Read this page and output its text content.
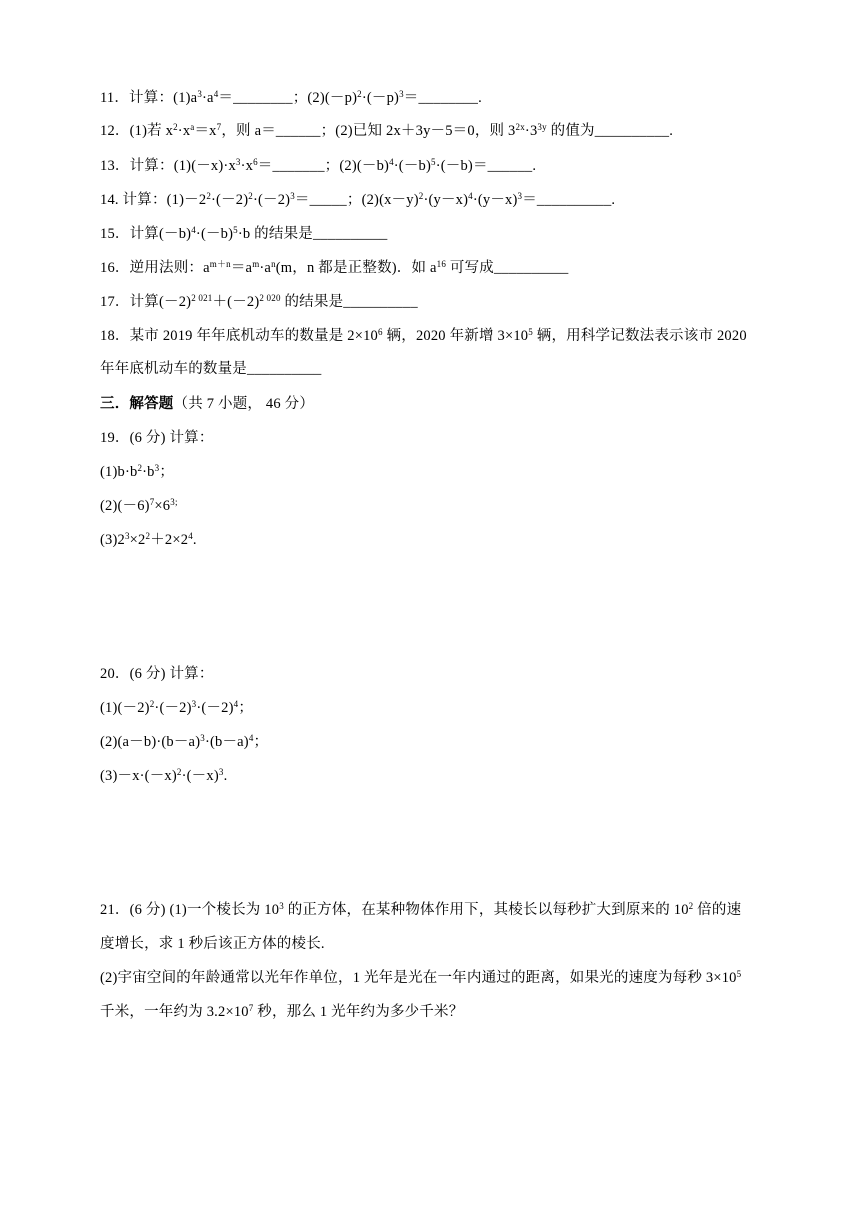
11．计算：$(1)a^3\cdot a^4=\_\_\_\_\_\_\_\_$；$(2)(-p)^2\cdot(-p)^3=\_\_\_\_\_\_\_\_$.
12．(1)若 $x^2\cdot x^a=x^7$，则 a＝______；(2)已知 2x＋3y－5＝0，则 $3^{2x}\cdot 3^{3y}$ 的值为__________.
13．计算：$(1)(-x)\cdot x^3\cdot x^6=\_\_\_\_\_\_\_$；$(2)(-b)^4\cdot(-b)^5\cdot(-b)=\_\_\_\_\_\_$.
14. 计算：$(1)-2^2\cdot(-2)^2\cdot(-2)^3=\_\_\_\_\_$；$(2)(x-y)^2\cdot(y-x)^4\cdot(y-x)^3=\_\_\_\_\_\_\_\_\_\_$.
15．计算$(-b)^4\cdot(-b)^5\cdot b$ 的结果是__________
16．逆用法则：$a^{m+n}=a^m\cdot a^n(m$，n 都是正整数)．如 $a^{16}$ 可写成__________
17．计算$(-2)^{2 021}+(-2)^{2 020}$ 的结果是__________
18．某市 2019 年年底机动车的数量是 $2\times 10^6$ 辆，2020 年新增 $3\times 10^5$ 辆，用科学记数法表示该市 2020
年年底机动车的数量是__________
三．解答题（共 7 小题， 46 分）
19．(6 分) 计算：
$(1)b\cdot b^2\cdot b^3$；
$(2)(-6)^7\times 6^{3;}$
$(3)2^3\times 2^2+2\times 2^4$.
20．(6 分) 计算：
$(1)(-2)^2\cdot(-2)^3\cdot(-2)^4$；
$(2)(a-b)\cdot(b-a)^3\cdot(b-a)^4$；
$(3)-x\cdot(-x)^2\cdot(-x)^3$.
21．(6 分) (1)一个棱长为 $10^3$ 的正方体，在某种物体作用下，其棱长以每秒扩大到原来的 $10^2$ 倍的速
度增长，求 1 秒后该正方体的棱长.
(2)宇宙空间的年龄通常以光年作单位，1 光年是光在一年内通过的距离，如果光的速度为每秒 $3\times 10^5$
千米，一年约为 $3.2\times 10^7$ 秒，那么 1 光年约为多少千米？
